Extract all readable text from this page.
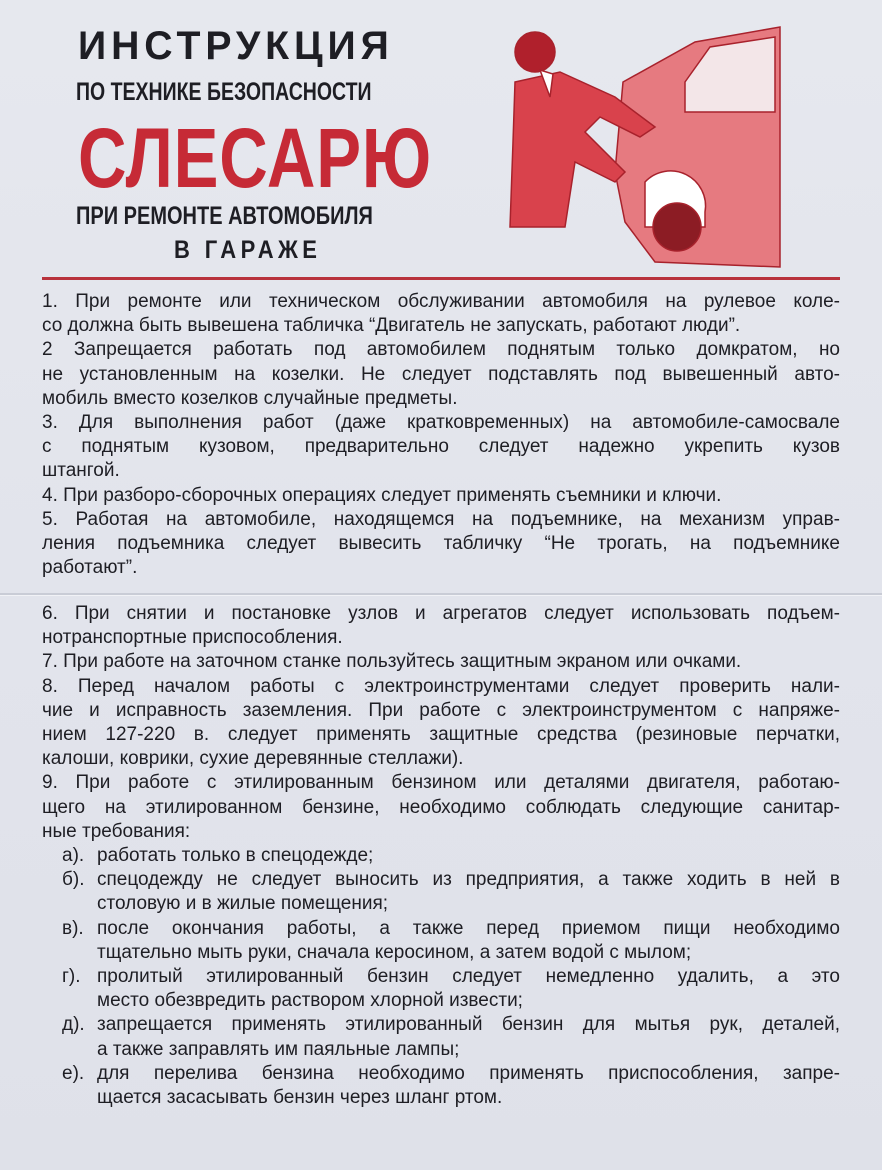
ИНСТРУКЦИЯ
ПО ТЕХНИКЕ БЕЗОПАСНОСТИ
СЛЕСАРЮ
ПРИ РЕМОНТЕ АВТОМОБИЛЯ
В ГАРАЖЕ
1. При ремонте или техническом обслуживании автомобиля на рулевое коле-
со должна быть вывешена табличка “Двигатель не запускать, работают люди”.
2 Запрещается работать под автомобилем поднятым только домкратом, но
не установленным на козелки. Не следует подставлять под вывешенный авто-
мобиль вместо козелков случайные предметы.
3. Для выполнения работ (даже кратковременных) на автомобиле-самосвале
с поднятым кузовом, предварительно следует надежно укрепить кузов
штангой.
4. При разборо-сборочных операциях следует применять съемники и ключи.
5. Работая на автомобиле, находящемся на подъемнике, на механизм управ-
ления подъемника следует вывесить табличку “Не трогать, на подъемнике
работают”.
6. При снятии и постановке узлов и агрегатов следует использовать подъем-
нотранспортные приспособления.
7. При работе на заточном станке пользуйтесь защитным экраном или очками.
8. Перед началом работы с электроинструментами следует проверить нали-
чие и исправность заземления. При работе с электроинструментом с напряже-
нием 127-220 в. следует применять защитные средства (резиновые перчатки,
калоши, коврики, сухие деревянные стеллажи).
9. При работе с этилированным бензином или деталями двигателя, работаю-
щего на этилированном бензине, необходимо соблюдать следующие санитар-
ные требования:
а). работать только в спецодежде;
б). спецодежду не следует выносить из предприятия, а также ходить в ней в
столовую и в жилые помещения;
в). после окончания работы, а также перед приемом пищи необходимо
тщательно мыть руки, сначала керосином, а затем водой с мылом;
г). пролитый этилированный бензин следует немедленно удалить, а это
место обезвредить раствором хлорной извести;
д). запрещается применять этилированный бензин для мытья рук, деталей,
а также заправлять им паяльные лампы;
е). для перелива бензина необходимо применять приспособления, запре-
щается засасывать бензин через шланг ртом.
